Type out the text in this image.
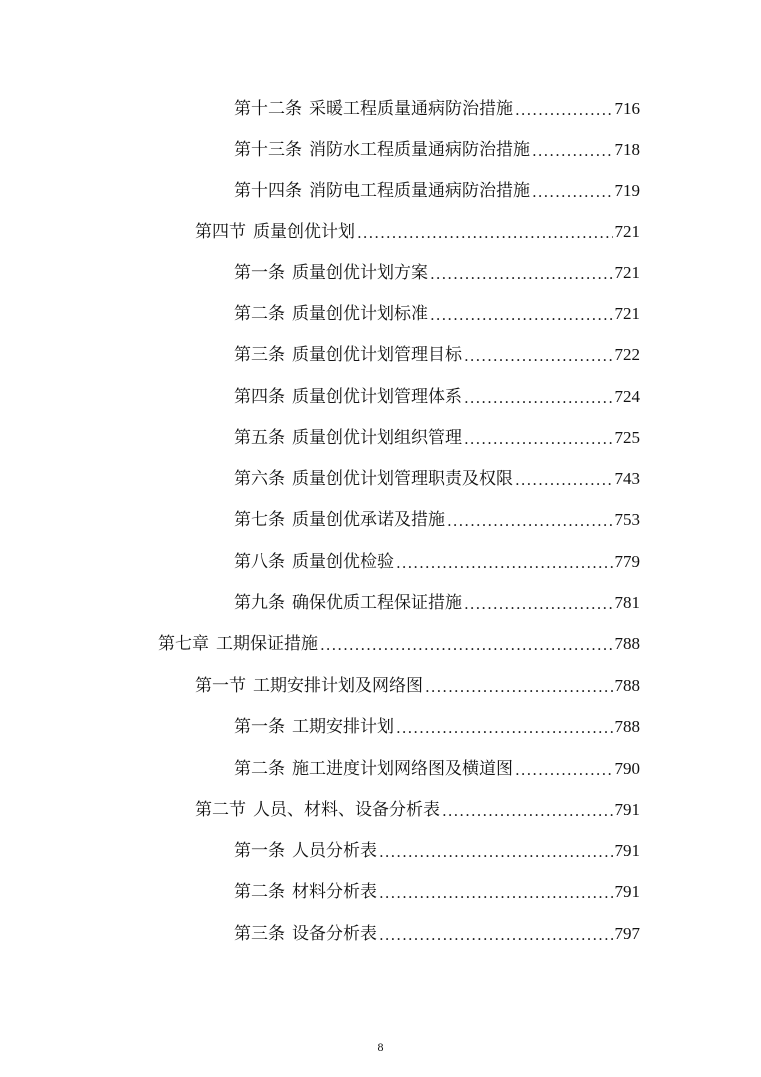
第十二条 采暖工程质量通病防治措施 .....	716
第十三条 消防水工程质量通病防治措施 .....	718
第十四条 消防电工程质量通病防治措施 .....	719
第四节 质量创优计划 .....	721
第一条 质量创优计划方案 .....	721
第二条 质量创优计划标准 .....	721
第三条 质量创优计划管理目标 .....	722
第四条 质量创优计划管理体系 .....	724
第五条 质量创优计划组织管理 .....	725
第六条 质量创优计划管理职责及权限 .....	743
第七条 质量创优承诺及措施 .....	753
第八条 质量创优检验 .....	779
第九条 确保优质工程保证措施 .....	781
第七章 工期保证措施 .....	788
第一节 工期安排计划及网络图 .....	788
第一条 工期安排计划 .....	788
第二条 施工进度计划网络图及横道图 .....	790
第二节 人员、材料、设备分析表 .....	791
第一条 人员分析表 .....	791
第二条 材料分析表 .....	791
第三条 设备分析表 .....	797
8
